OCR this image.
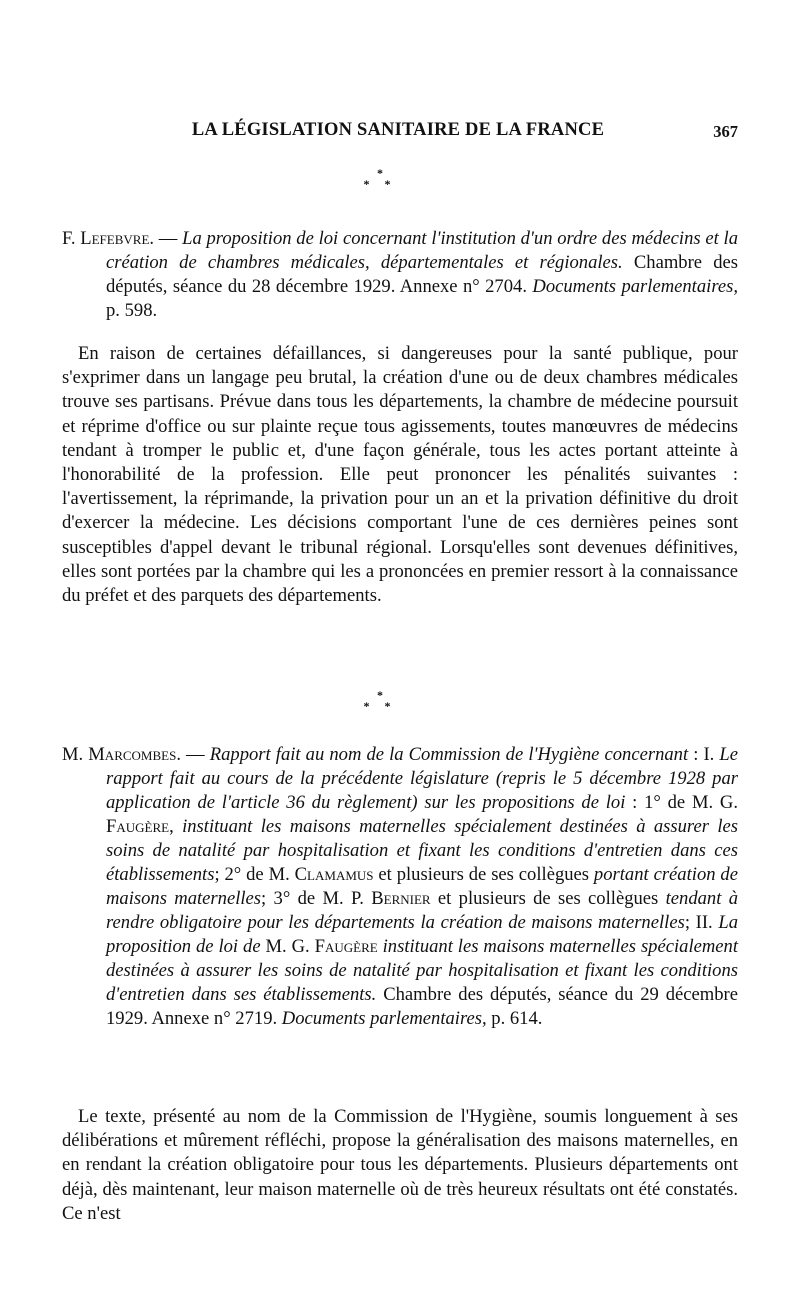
LA LÉGISLATION SANITAIRE DE LA FRANCE	367
*
* *
F. Lefebvre. — La proposition de loi concernant l'institution d'un ordre des médecins et la création de chambres médicales, départementales et régionales. Chambre des députés, séance du 28 décembre 1929. Annexe n° 2704. Documents parlementaires, p. 598.

En raison de certaines défaillances, si dangereuses pour la santé publique, pour s'exprimer dans un langage peu brutal, la création d'une ou de deux chambres médicales trouve ses partisans. Prévue dans tous les départements, la chambre de médecine poursuit et réprime d'office ou sur plainte reçue tous agissements, toutes manœuvres de médecins tendant à tromper le public et, d'une façon générale, tous les actes portant atteinte à l'honorabilité de la profession. Elle peut prononcer les pénalités suivantes : l'avertissement, la réprimande, la privation pour un an et la privation définitive du droit d'exercer la médecine. Les décisions comportant l'une de ces dernières peines sont susceptibles d'appel devant le tribunal régional. Lorsqu'elles sont devenues définitives, elles sont portées par la chambre qui les a prononcées en premier ressort à la connaissance du préfet et des parquets des départements.

*
* *
M. Marcombes. — Rapport fait au nom de la Commission de l'Hygiène concernant : I. Le rapport fait au cours de la précédente législature (repris le 5 décembre 1928 par application de l'article 36 du règlement) sur les propositions de loi : 1° de M. G. Faugère, instituant les maisons maternelles spécialement destinées à assurer les soins de natalité par hospitalisation et fixant les conditions d'entretien dans ces établissements; 2° de M. Clamamus et plusieurs de ses collègues portant création de maisons maternelles; 3° de M. P. Bernier et plusieurs de ses collègues tendant à rendre obligatoire pour les départements la création de maisons maternelles; II. La proposition de loi de M. G. Faugère instituant les maisons maternelles spécialement destinées à assurer les soins de natalité par hospitalisation et fixant les conditions d'entretien dans ses établissements. Chambre des députés, séance du 29 décembre 1929. Annexe n° 2719. Documents parlementaires, p. 614.

Le texte, présenté au nom de la Commission de l'Hygiène, soumis longuement à ses délibérations et mûrement réfléchi, propose la généralisation des maisons maternelles, en en rendant la création obligatoire pour tous les départements. Plusieurs départements ont déjà, dès maintenant, leur maison maternelle où de très heureux résultats ont été constatés. Ce n'est
